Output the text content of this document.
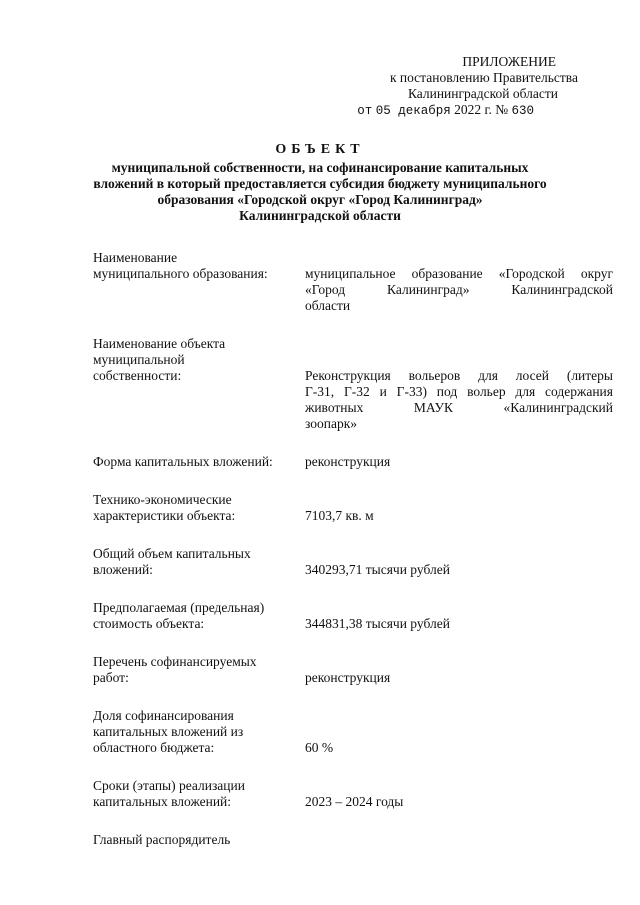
ПРИЛОЖЕНИЕ
к постановлению Правительства
Калининградской области
от 05 декабря 2022 г. № 630
ОБЪЕКТ
муниципальной собственности, на софинансирование капитальных
вложений в который предоставляется субсидия бюджету муниципального
образования «Городской округ «Город Калининград»
Калининградской области
Наименование
муниципального образования:	муниципальное образование «Городской округ
«Город Калининград» Калининградской
области
Наименование объекта
муниципальной
собственности:	Реконструкция вольеров для лосей (литеры
Г-31, Г-32 и Г-33) под вольер для содержания
животных МАУК «Калининградский
зоопарк»
Форма капитальных вложений:	реконструкция
Технико-экономические
характеристики объекта:	7103,7 кв. м
Общий объем капитальных
вложений:	340293,71 тысячи рублей
Предполагаемая (предельная)
стоимость объекта:	344831,38 тысячи рублей
Перечень софинансируемых
работ:	реконструкция
Доля софинансирования
капитальных вложений из
областного бюджета:	60 %
Сроки (этапы) реализации
капитальных вложений:	2023 – 2024 годы
Главный распорядитель
